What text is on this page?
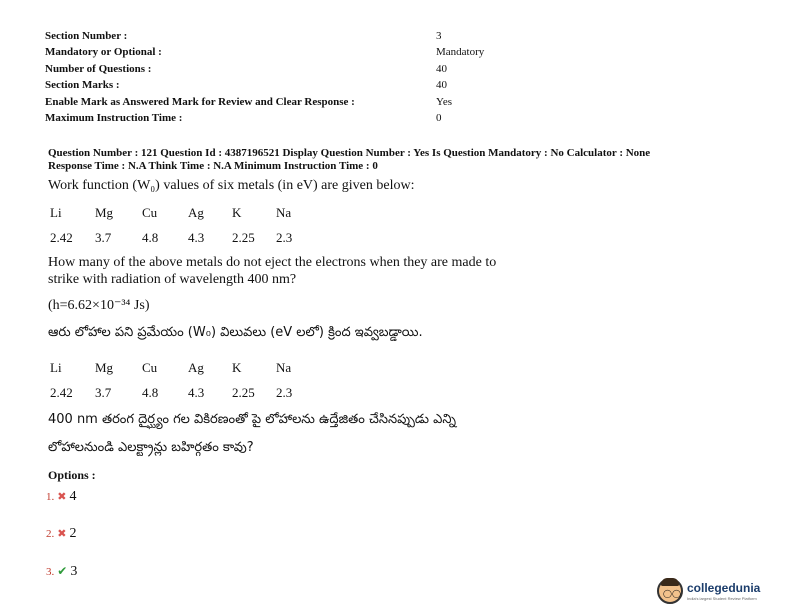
Section Number :	3
Mandatory or Optional :	Mandatory
Number of Questions :	40
Section Marks :	40
Enable Mark as Answered Mark for Review and Clear Response :	Yes
Maximum Instruction Time :	0
Question Number : 121 Question Id : 4387196521 Display Question Number : Yes Is Question Mandatory : No Calculator : None
Response Time : N.A Think Time : N.A Minimum Instruction Time : 0
Work function (W₀) values of six metals (in eV) are given below:
Li	Mg Cu Ag K	Na
2.42 3.7 4.8 4.3 2.25 2.3
How many of the above metals do not eject the electrons when they are made to
strike with radiation of wavelength 400 nm?
(h=6.62×10⁻³⁴ Js)
ఆరు లోహాల పని ప్రమేయం (W₀) విలువలు (eV లలో) క్రింద ఇవ్వబడ్డాయి.
Li	Mg Cu Ag K	Na
2.42 3.7 4.8 4.3 2.25 2.3
400 nm తరంగ దైర్ఘ్యం గల వికిరణంతో పై లోహాలను ఉద్తేజితం చేసినప్పుడు ఎన్ని
లోహాలనుండి ఎలక్ట్రాన్లు బహిర్గతం కావు?
Options :
1. ✖ 4
2. ✖ 2
3. ✔ 3
◯◯ collegedunia
India's largest Student Review Platform
